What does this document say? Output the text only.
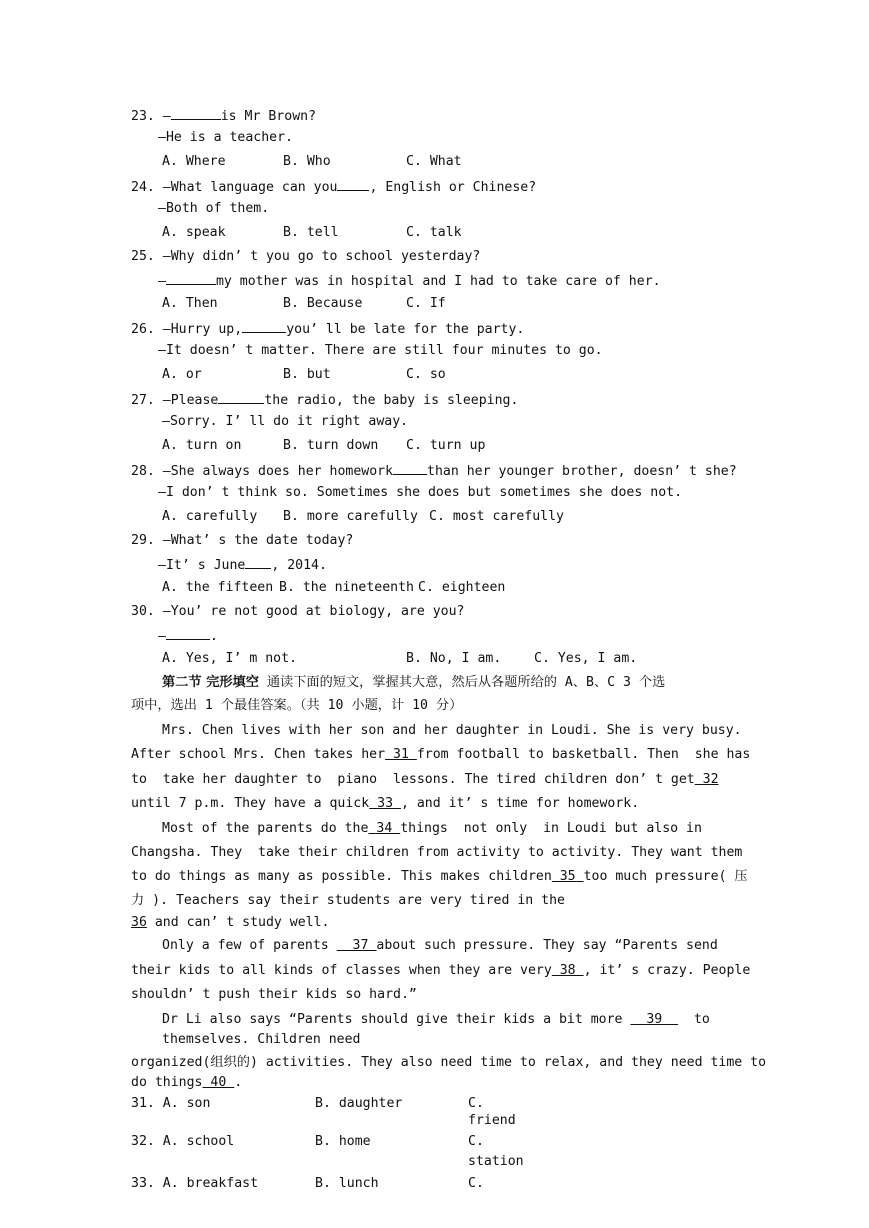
23. —	is Mr Brown?
—He is a teacher.
A. Where	B. Who	C. What
24. —What language can you , English or Chinese?
—Both of them.
A. speak	B. tell	C. talk
25. —Why didn’ t you go to school yesterday?
—	my mother was in hospital and I had to take care of her.
A. Then	B. Because	C. If
26. —Hurry up,	you’ ll be late for the party.
—It doesn’ t matter. There are still four minutes to go.
A. or	B. but	C. so
27. —Please	the radio, the baby is sleeping.
—Sorry. I’ ll do it right away.
A. turn on	B. turn down C. turn up
28. —She always does her homework	than her younger brother, doesn’ t she?
—I don’ t think so. Sometimes she does but sometimes she does not.
A. carefully B. more carefully C. most carefully
29. —What’ s the date today?
—It’ s June , 2014.
A. the fifteen B. the nineteenth C. eighteen
30. —You’ re not good at biology, are you?
—	.
A. Yes, I’ m not.	B. No, I am. C. Yes, I am.
第二节 完形填空 通读下面的短文，掌握其大意，然后从各题所给的 A、B、C 3 个选
项中，选出 1 个最佳答案。（共 10 小题，计 10 分）
Mrs. Chen lives with her son and her daughter in Loudi. She is very busy.
After school Mrs. Chen takes her 31 from football to basketball. Then  she has
to  take her daughter to  piano  lessons. The tired children don’ t get 32
until 7 p.m. They have a quick 33 , and it’ s time for homework.
Most of the parents do the 34 things  not only  in Loudi but also in
Changsha. They  take their children from activity to activity. They want them
to do things as many as possible. This makes children 35 too much pressure( 压
力 ). Teachers say their students are very tired in the
36 and can’ t study well.
Only a few of parents   37 about such pressure. They say “Parents send
their kids to all kinds of classes when they are very 38 , it’ s crazy. People
shouldn’ t push their kids so hard.”
Dr Li also says “Parents should give their kids a bit more   39    to
themselves. Children need
organized(组织的) activities. They also need time to relax, and they need time to
do things 40 .
31. A. son	B. daughter	C.
friend
32. A. school	B. home	C.
station
33. A. breakfast	B. lunch	C.
